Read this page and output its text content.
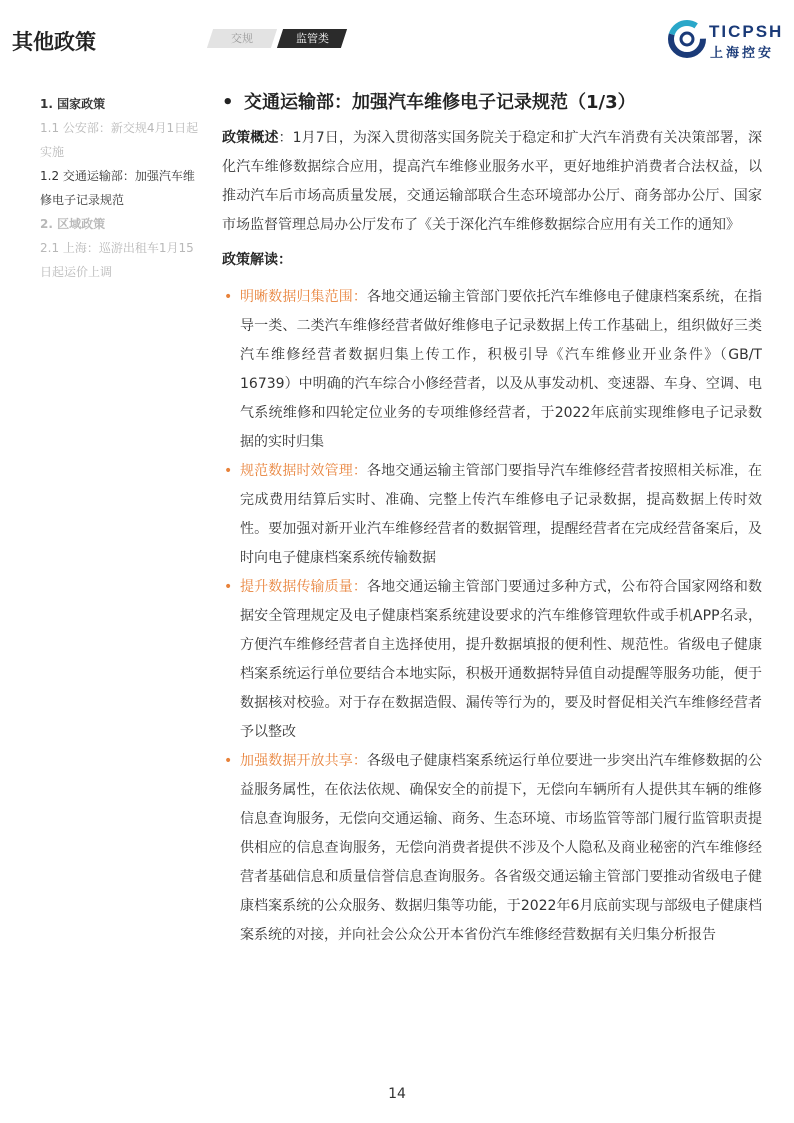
其他政策	交规	监管类	TICPSH
上海控安
1. 国家政策
1.1 公安部：新交规4月1日起实施
1.2 交通运输部：加强汽车维修电子记录规范
2. 区域政策
2.1 上海：巡游出租车1月15日起运价上调
• 交通运输部：加强汽车维修电子记录规范（1/3）
政策概述：1月7日，为深入贯彻落实国务院关于稳定和扩大汽车消费有关决策部署，深化汽车维修数据综合应用，提高汽车维修业服务水平，更好地维护消费者合法权益，以推动汽车后市场高质量发展，交通运输部联合生态环境部办公厅、商务部办公厅、国家市场监督管理总局办公厅发布了《关于深化汽车维修数据综合应用有关工作的通知》
政策解读：
• 明晰数据归集范围：各地交通运输主管部门要依托汽车维修电子健康档案系统，在指导一类、二类汽车维修经营者做好维修电子记录数据上传工作基础上，组织做好三类汽车维修经营者数据归集上传工作，积极引导《汽车维修业开业条件》（GB/T 16739）中明确的汽车综合小修经营者，以及从事发动机、变速器、车身、空调、电气系统维修和四轮定位业务的专项维修经营者，于2022年底前实现维修电子记录数据的实时归集
• 规范数据时效管理：各地交通运输主管部门要指导汽车维修经营者按照相关标准，在完成费用结算后实时、准确、完整上传汽车维修电子记录数据，提高数据上传时效性。要加强对新开业汽车维修经营者的数据管理，提醒经营者在完成经营备案后，及时向电子健康档案系统传输数据
• 提升数据传输质量：各地交通运输主管部门要通过多种方式，公布符合国家网络和数据安全管理规定及电子健康档案系统建设要求的汽车维修管理软件或手机APP名录，方便汽车维修经营者自主选择使用，提升数据填报的便利性、规范性。省级电子健康档案系统运行单位要结合本地实际，积极开通数据特异值自动提醒等服务功能，便于数据核对校验。对于存在数据造假、漏传等行为的，要及时督促相关汽车维修经营者予以整改
• 加强数据开放共享：各级电子健康档案系统运行单位要进一步突出汽车维修数据的公益服务属性，在依法依规、确保安全的前提下，无偿向车辆所有人提供其车辆的维修信息查询服务，无偿向交通运输、商务、生态环境、市场监管等部门履行监管职责提供相应的信息查询服务，无偿向消费者提供不涉及个人隐私及商业秘密的汽车维修经营者基础信息和质量信誉信息查询服务。各省级交通运输主管部门要推动省级电子健康档案系统的公众服务、数据归集等功能，于2022年6月底前实现与部级电子健康档案系统的对接，并向社会公众公开本省份汽车维修经营数据有关归集分析报告
14
